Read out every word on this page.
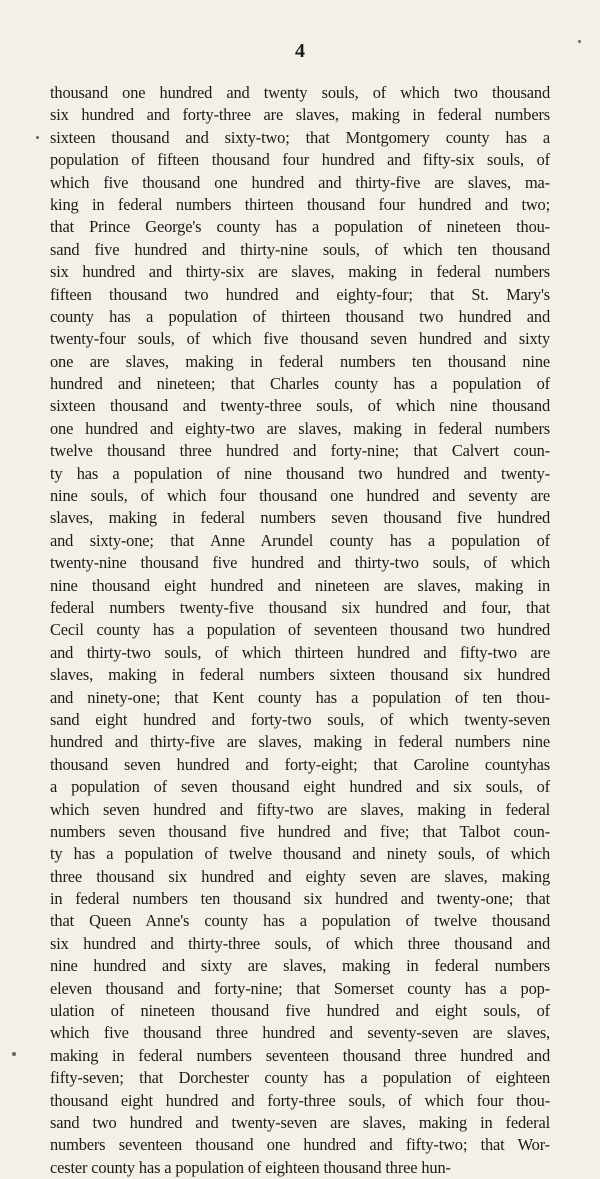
4
thousand one hundred and twenty souls, of which two thousand
six hundred and forty-three are slaves, making in federal numbers
sixteen thousand and sixty-two; that Montgomery county has a
population of fifteen thousand four hundred and fifty-six souls, of
which five thousand one hundred and thirty-five are slaves, ma-
king in federal numbers thirteen thousand four hundred and two;
that Prince George's county has a population of nineteen thou-
sand five hundred and thirty-nine souls, of which ten thousand
six hundred and thirty-six are slaves, making in federal numbers
fifteen thousand two hundred and eighty-four; that St. Mary's
county has a population of thirteen thousand two hundred and
twenty-four souls, of which five thousand seven hundred and sixty
one are slaves, making in federal numbers ten thousand nine
hundred and nineteen; that Charles county has a population of
sixteen thousand and twenty-three souls, of which nine thousand
one hundred and eighty-two are slaves, making in federal numbers
twelve thousand three hundred and forty-nine; that Calvert coun-
ty has a population of nine thousand two hundred and twenty-
nine souls, of which four thousand one hundred and seventy are
slaves, making in federal numbers seven thousand five hundred
and sixty-one; that Anne Arundel county has a population of
twenty-nine thousand five hundred and thirty-two souls, of which
nine thousand eight hundred and nineteen are slaves, making in
federal numbers twenty-five thousand six hundred and four, that
Cecil county has a population of seventeen thousand two hundred
and thirty-two souls, of which thirteen hundred and fifty-two are
slaves, making in federal numbers sixteen thousand six hundred
and ninety-one; that Kent county has a population of ten thou-
sand eight hundred and forty-two souls, of which twenty-seven
hundred and thirty-five are slaves, making in federal numbers nine
thousand seven hundred and forty-eight; that Caroline countyhas
a population of seven thousand eight hundred and six souls, of
which seven hundred and fifty-two are slaves, making in federal
numbers seven thousand five hundred and five; that Talbot coun-
ty has a population of twelve thousand and ninety souls, of which
three thousand six hundred and eighty seven are slaves, making
in federal numbers ten thousand six hundred and twenty-one; that
that Queen Anne's county has a population of twelve thousand
six hundred and thirty-three souls, of which three thousand and
nine hundred and sixty are slaves, making in federal numbers
eleven thousand and forty-nine; that Somerset county has a pop-
ulation of nineteen thousand five hundred and eight souls, of
which five thousand three hundred and seventy-seven are slaves,
making in federal numbers seventeen thousand three hundred and
fifty-seven; that Dorchester county has a population of eighteen
thousand eight hundred and forty-three souls, of which four thou-
sand two hundred and twenty-seven are slaves, making in federal
numbers seventeen thousand one hundred and fifty-two; that Wor-
cester county has a population of eighteen thousand three hun-
